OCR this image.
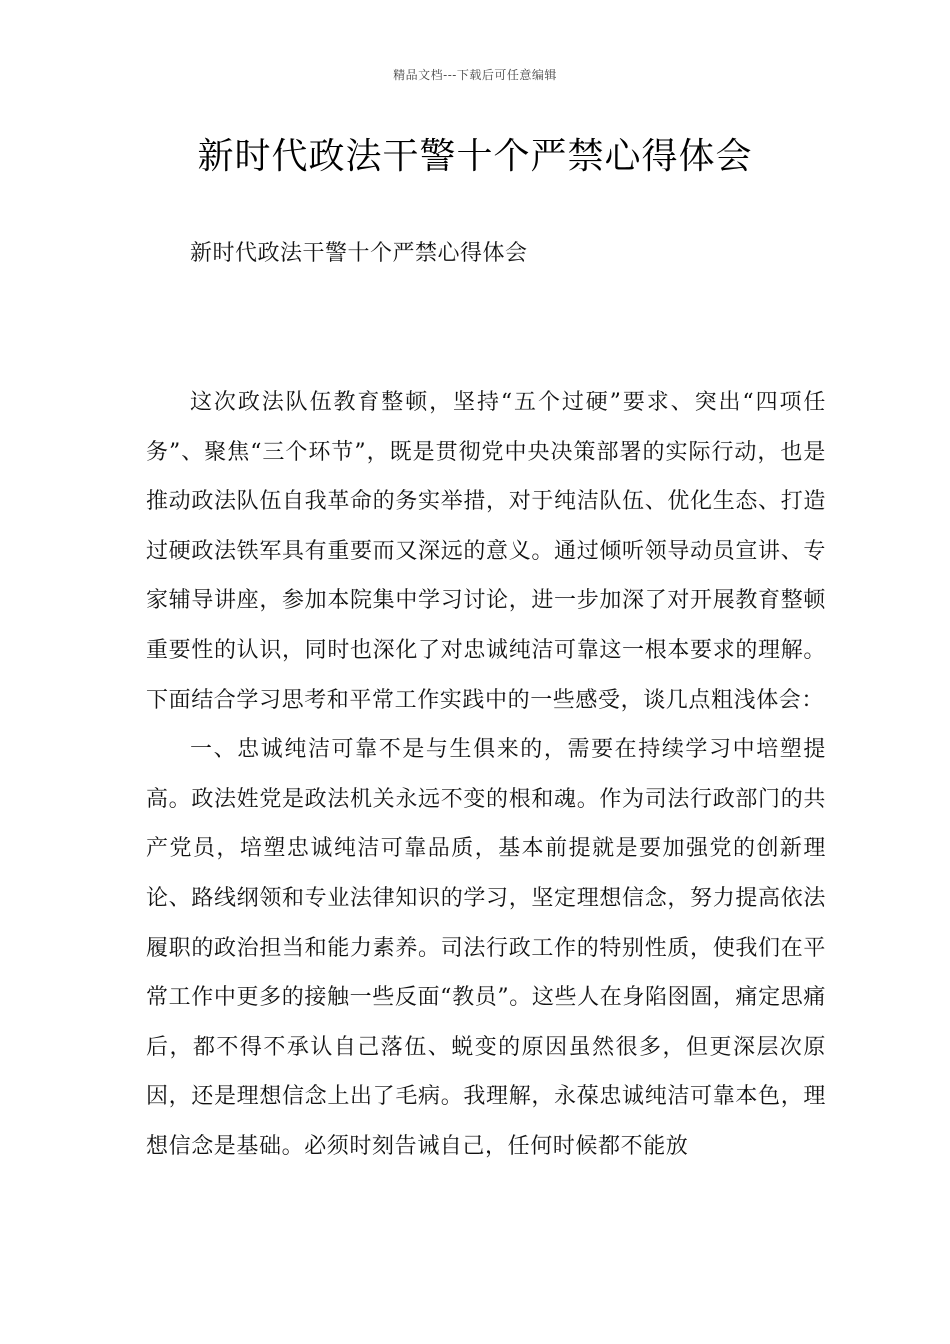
精品文档---下载后可任意编辑
新时代政法干警十个严禁心得体会
新时代政法干警十个严禁心得体会

这次政法队伍教育整顿，坚持“五个过硬”要求、突出“四项任务”、聚焦“三个环节”，既是贯彻党中央决策部署的实际行动，也是推动政法队伍自我革命的务实举措，对于纯洁队伍、优化生态、打造过硬政法铁军具有重要而又深远的意义。通过倾听领导动员宣讲、专家辅导讲座，参加本院集中学习讨论，进一步加深了对开展教育整顿重要性的认识，同时也深化了对忠诚纯洁可靠这一根本要求的理解。下面结合学习思考和平常工作实践中的一些感受，谈几点粗浅体会：

一、忠诚纯洁可靠不是与生俱来的，需要在持续学习中培塑提高。政法姓党是政法机关永远不变的根和魂。作为司法行政部门的共产党员，培塑忠诚纯洁可靠品质，基本前提就是要加强党的创新理论、路线纲领和专业法律知识的学习，坚定理想信念，努力提高依法履职的政治担当和能力素养。司法行政工作的特别性质，使我们在平常工作中更多的接触一些反面“教员”。这些人在身陷囹圄，痛定思痛后，都不得不承认自己落伍、蜕变的原因虽然很多，但更深层次原因，还是理想信念上出了毛病。我理解，永葆忠诚纯洁可靠本色，理想信念是基础。必须时刻告诫自己，任何时候都不能放
